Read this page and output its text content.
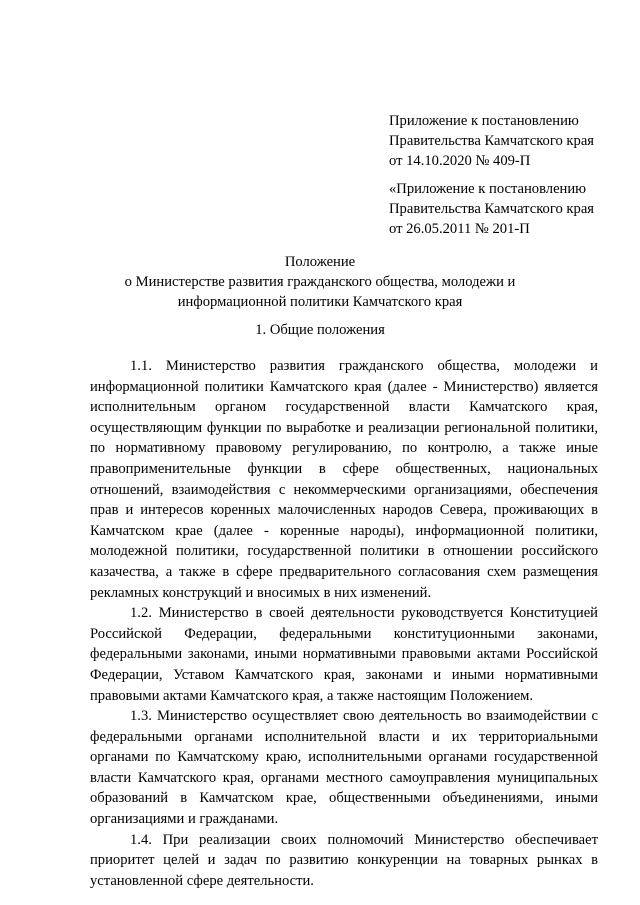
Приложение к постановлению
Правительства Камчатского края
от 14.10.2020 № 409-П
«Приложение к постановлению
Правительства Камчатского края
от 26.05.2011 № 201-П
Положение
о Министерстве развития гражданского общества, молодежи и
информационной политики Камчатского края
1. Общие положения

1.1. Министерство развития гражданского общества, молодежи и информационной политики Камчатского края (далее - Министерство) является исполнительным органом государственной власти Камчатского края, осуществляющим функции по выработке и реализации региональной политики, по нормативному правовому регулированию, по контролю, а также иные правоприменительные функции в сфере общественных, национальных отношений, взаимодействия с некоммерческими организациями, обеспечения прав и интересов коренных малочисленных народов Севера, проживающих в Камчатском крае (далее - коренные народы), информационной политики, молодежной политики, государственной политики в отношении российского казачества, а также в сфере предварительного согласования схем размещения рекламных конструкций и вносимых в них изменений.

1.2. Министерство в своей деятельности руководствуется Конституцией Российской Федерации, федеральными конституционными законами, федеральными законами, иными нормативными правовыми актами Российской Федерации, Уставом Камчатского края, законами и иными нормативными правовыми актами Камчатского края, а также настоящим Положением.

1.3. Министерство осуществляет свою деятельность во взаимодействии с федеральными органами исполнительной власти и их территориальными органами по Камчатскому краю, исполнительными органами государственной власти Камчатского края, органами местного самоуправления муниципальных образований в Камчатском крае, общественными объединениями, иными организациями и гражданами.

1.4. При реализации своих полномочий Министерство обеспечивает приоритет целей и задач по развитию конкуренции на товарных рынках в установленной сфере деятельности.
